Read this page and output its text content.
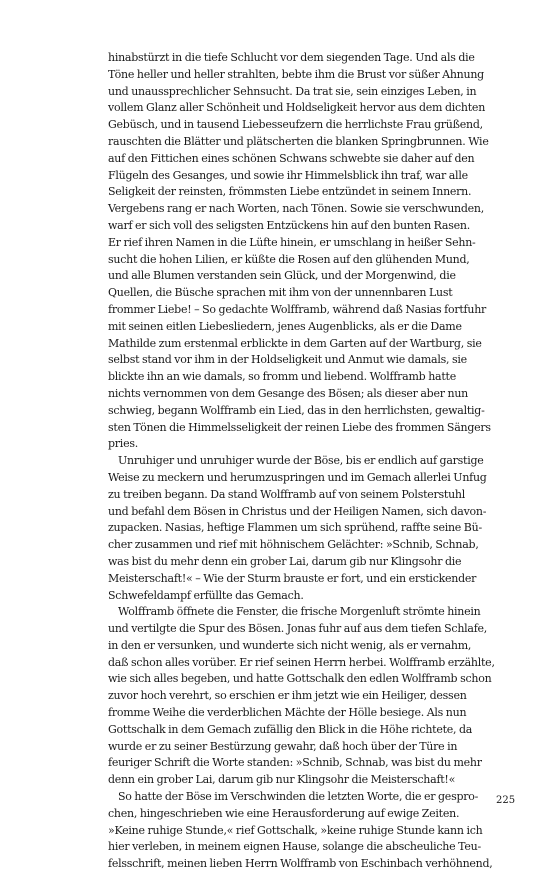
hinabstürzt in die tiefe Schlucht vor dem siegenden Tage. Und als die
Töne heller und heller strahlten, bebte ihm die Brust vor süßer Ahnung
und unaussprechlicher Sehnsucht. Da trat sie, sein einziges Leben, in
vollem Glanz aller Schönheit und Holdseligkeit hervor aus dem dichten
Gebüsch, und in tausend Liebesseufzern die herrlichste Frau grüßend,
rauschten die Blätter und plätscherten die blanken Springbrunnen. Wie
auf den Fittichen eines schönen Schwans schwebte sie daher auf den
Flügeln des Gesanges, und sowie ihr Himmelsblick ihn traf, war alle
Seligkeit der reinsten, frömmsten Liebe entzündet in seinem Innern.
Vergebens rang er nach Worten, nach Tönen. Sowie sie verschwunden,
warf er sich voll des seligsten Entzückens hin auf den bunten Rasen.
Er rief ihren Namen in die Lüfte hinein, er umschlang in heißer Sehn-
sucht die hohen Lilien, er küßte die Rosen auf den glühenden Mund,
und alle Blumen verstanden sein Glück, und der Morgenwind, die
Quellen, die Büsche sprachen mit ihm von der unnennbaren Lust
frommer Liebe! – So gedachte Wolfframb, während daß Nasias fortfuhr
mit seinen eitlen Liebesliedern, jenes Augenblicks, als er die Dame
Mathilde zum erstenmal erblickte in dem Garten auf der Wartburg, sie
selbst stand vor ihm in der Holdseligkeit und Anmut wie damals, sie
blickte ihn an wie damals, so fromm und liebend. Wolfframb hatte
nichts vernommen von dem Gesange des Bösen; als dieser aber nun
schwieg, begann Wolfframb ein Lied, das in den herrlichsten, gewaltig-
sten Tönen die Himmelsseligkeit der reinen Liebe des frommen Sängers
pries.
Unruhiger und unruhiger wurde der Böse, bis er endlich auf garstige
Weise zu meckern und herumzuspringen und im Gemach allerlei Unfug
zu treiben begann. Da stand Wolfframb auf von seinem Polsterstuhl
und befahl dem Bösen in Christus und der Heiligen Namen, sich davon-
zupacken. Nasias, heftige Flammen um sich sprühend, raffte seine Bü-
cher zusammen und rief mit höhnischem Gelächter: »Schnib, Schnab,
was bist du mehr denn ein grober Lai, darum gib nur Klingsohr die
Meisterschaft!« – Wie der Sturm brauste er fort, und ein erstickender
Schwefeldampf erfüllte das Gemach.
Wolfframb öffnete die Fenster, die frische Morgenluft strömte hinein
und vertilgte die Spur des Bösen. Jonas fuhr auf aus dem tiefen Schlafe,
in den er versunken, und wunderte sich nicht wenig, als er vernahm,
daß schon alles vorüber. Er rief seinen Herrn herbei. Wolfframb erzählte,
wie sich alles begeben, und hatte Gottschalk den edlen Wolfframb schon
zuvor hoch verehrt, so erschien er ihm jetzt wie ein Heiliger, dessen
fromme Weihe die verderblichen Mächte der Hölle besiege. Als nun
Gottschalk in dem Gemach zufällig den Blick in die Höhe richtete, da
wurde er zu seiner Bestürzung gewahr, daß hoch über der Türe in
feuriger Schrift die Worte standen: »Schnib, Schnab, was bist du mehr
denn ein grober Lai, darum gib nur Klingsohr die Meisterschaft!«
So hatte der Böse im Verschwinden die letzten Worte, die er gespro-
chen, hingeschrieben wie eine Herausforderung auf ewige Zeiten.
»Keine ruhige Stunde,« rief Gottschalk, »keine ruhige Stunde kann ich
hier verleben, in meinem eignen Hause, solange die abscheuliche Teu-
felsschrift, meinen lieben Herrn Wolfframb von Eschinbach verhöhnend,
225
